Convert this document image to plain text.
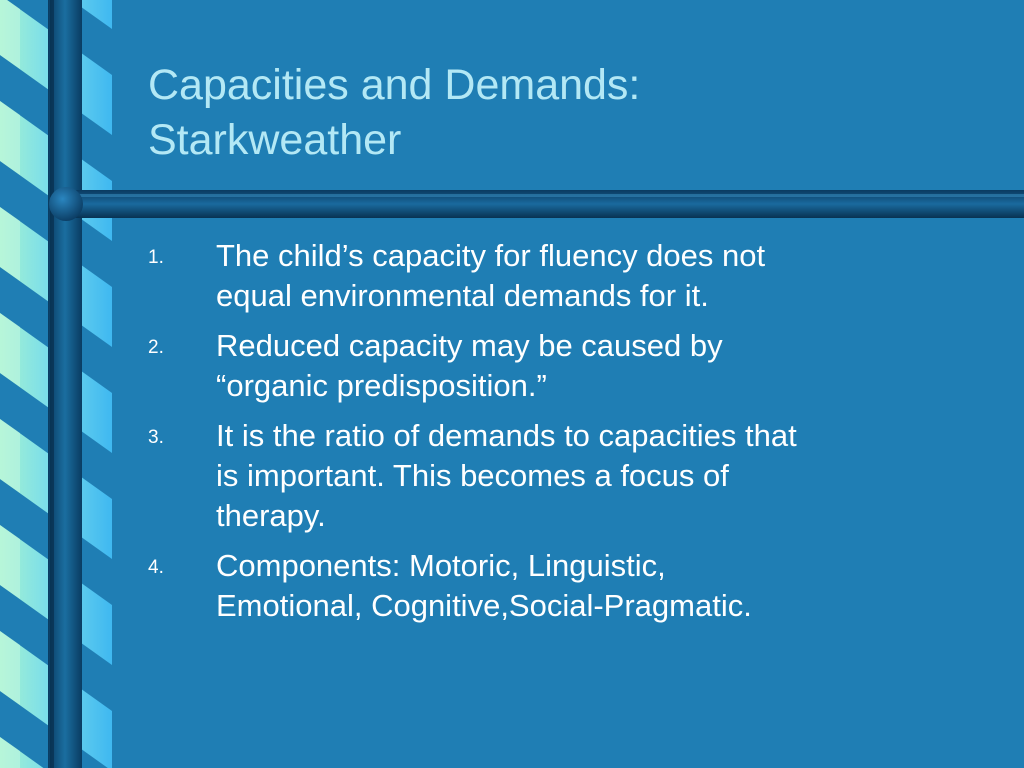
Capacities and Demands:
Starkweather
1. The child’s capacity for fluency does not
equal environmental demands for it.
2. Reduced capacity may be caused by
“organic predisposition.”
3. It is the ratio of demands to capacities that
is important. This becomes a focus of
therapy.
4. Components: Motoric, Linguistic,
Emotional, Cognitive,Social-Pragmatic.
